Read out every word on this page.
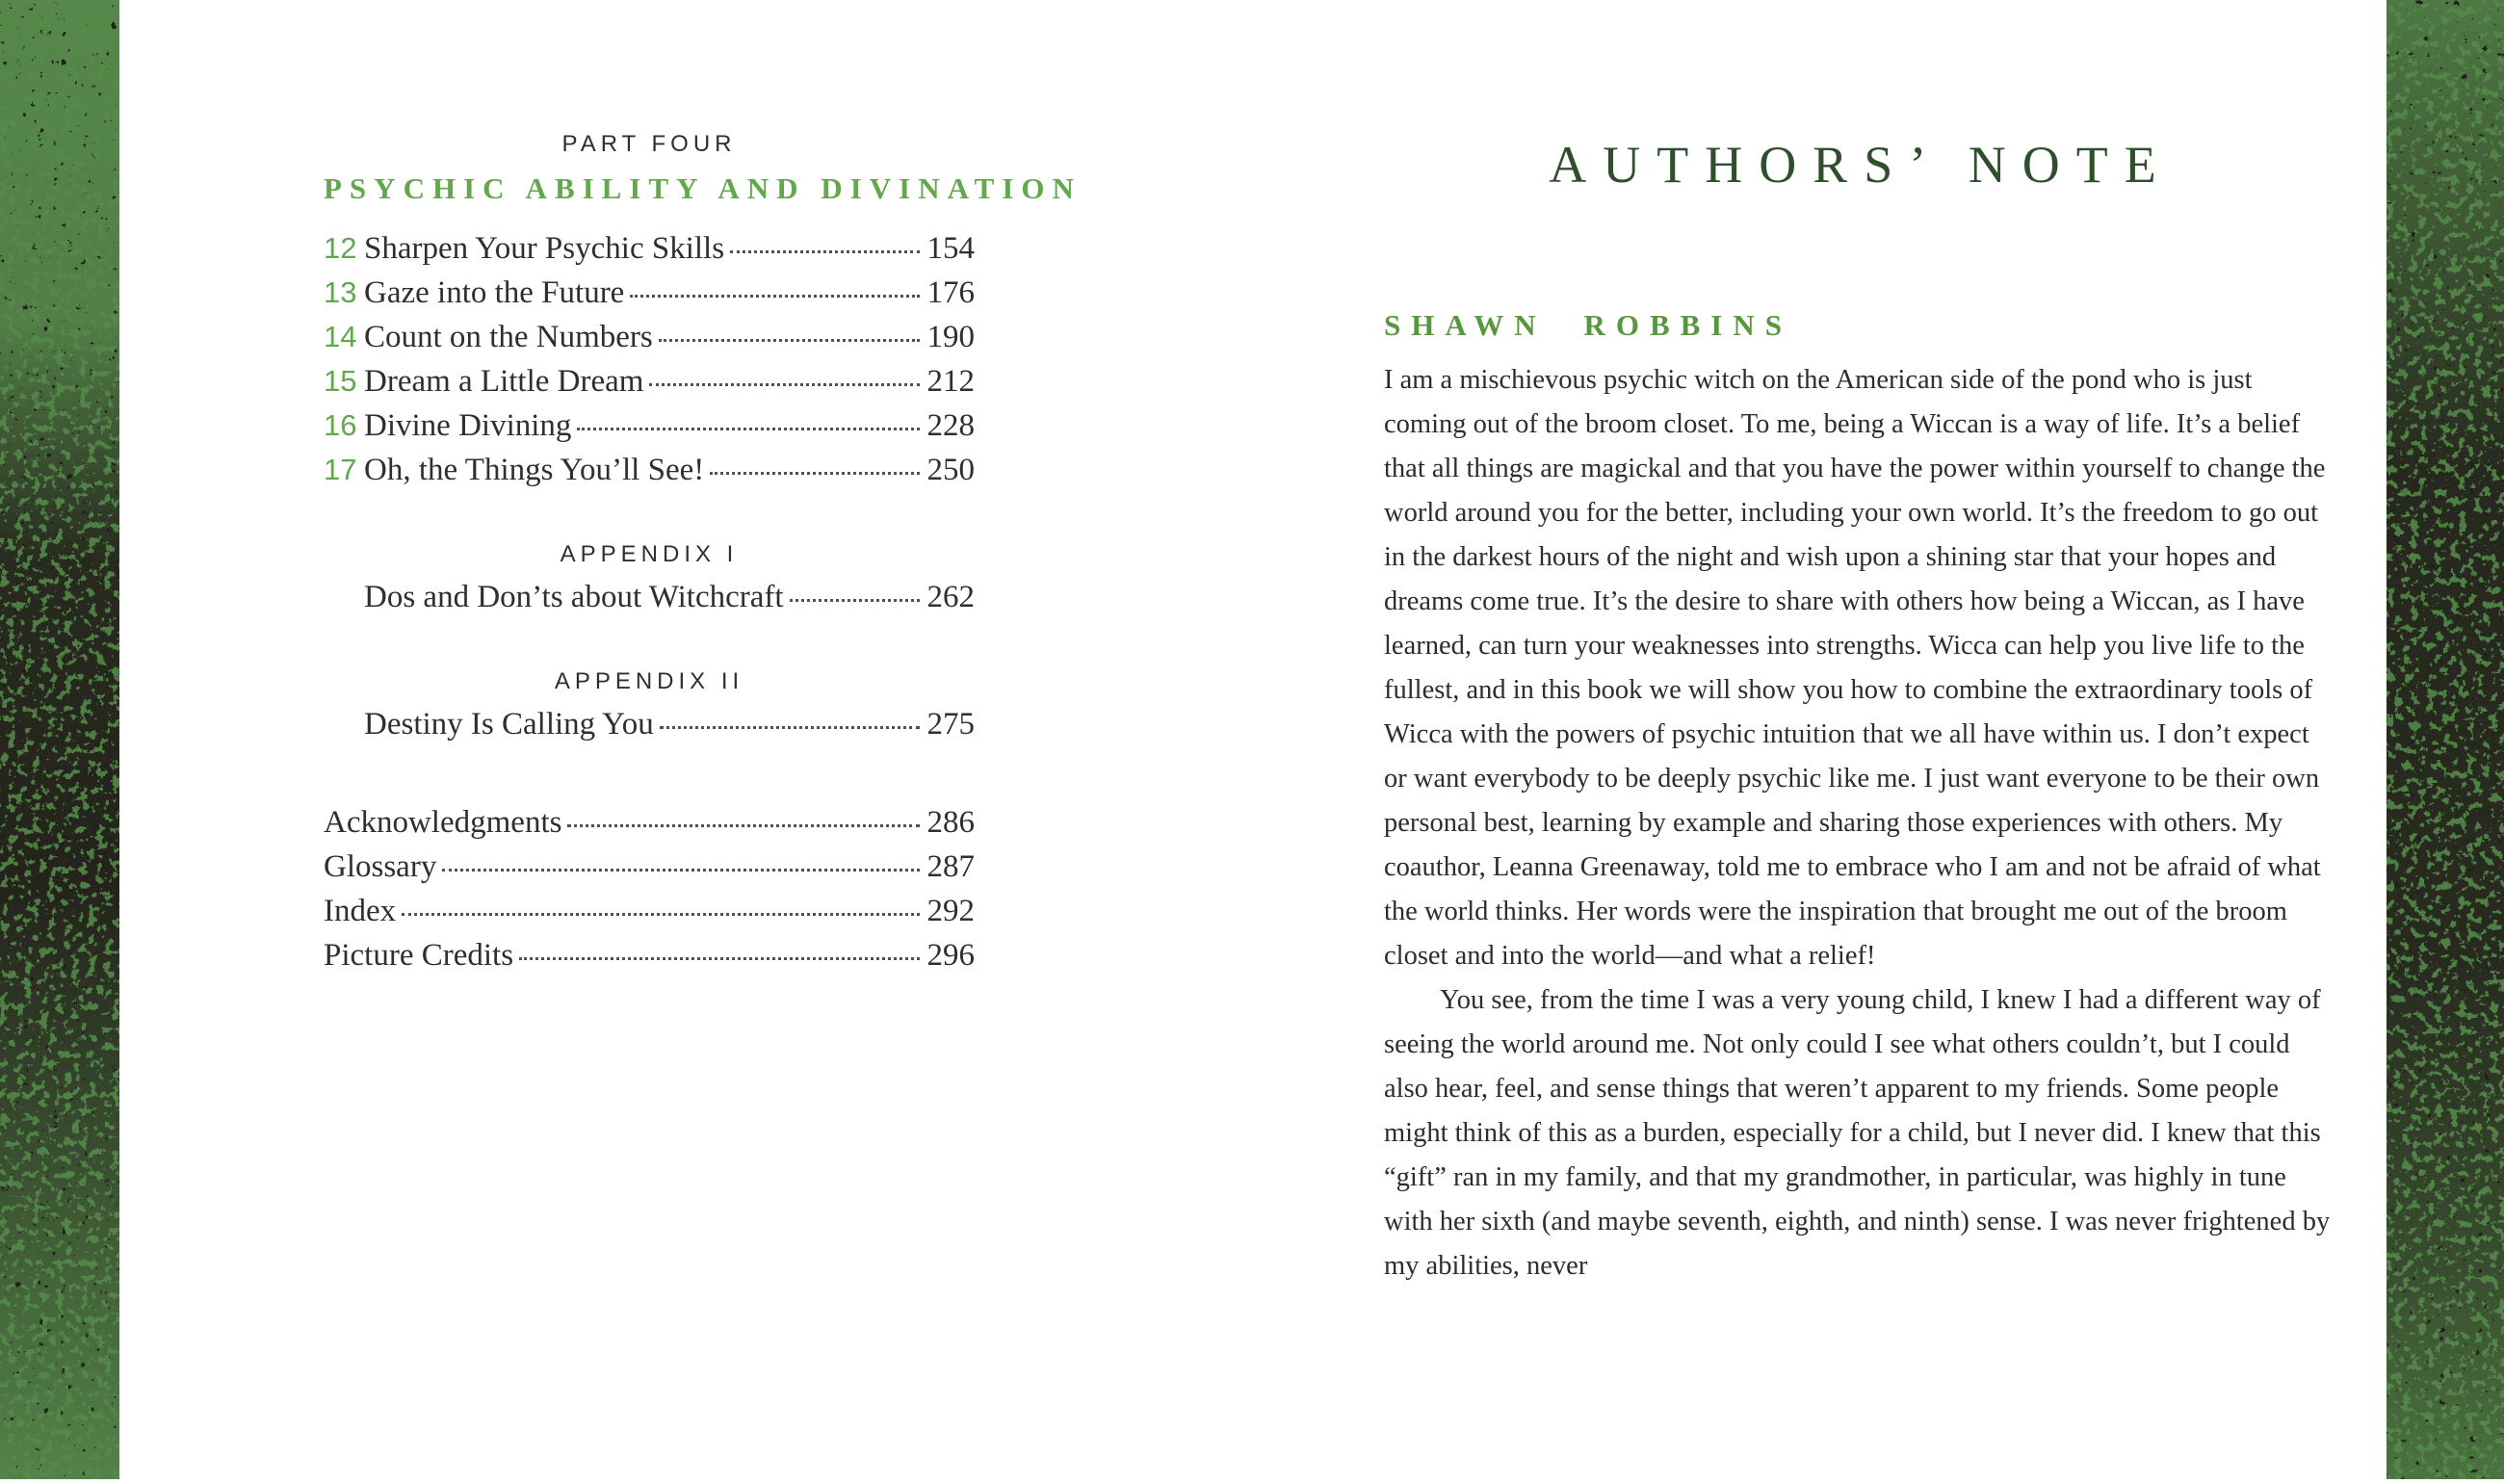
PART FOUR
PSYCHIC ABILITY AND DIVINATION
12 Sharpen Your Psychic Skills	154
13 Gaze into the Future	176
14 Count on the Numbers	190
15 Dream a Little Dream	212
16 Divine Divining	228
17 Oh, the Things You’ll See!	250
APPENDIX I
Dos and Don’ts about Witchcraft	262
APPENDIX II
Destiny Is Calling You	275
Acknowledgments	286
Glossary	287
Index	292
Picture Credits	296
AUTHORS’ NOTE
SHAWN ROBBINS

I am a mischievous psychic witch on the American side of the pond who is just coming out of the broom closet. To me, being a Wiccan is a way of life. It’s a belief that all things are magickal and that you have the power within yourself to change the world around you for the better, including your own world. It’s the freedom to go out in the darkest hours of the night and wish upon a shining star that your hopes and dreams come true. It’s the desire to share with others how being a Wiccan, as I have learned, can turn your weaknesses into strengths. Wicca can help you live life to the fullest, and in this book we will show you how to combine the extraordinary tools of Wicca with the powers of psychic intuition that we all have within us. I don’t expect or want everybody to be deeply psychic like me. I just want everyone to be their own personal best, learning by example and sharing those experiences with others. My coauthor, Leanna Greenaway, told me to embrace who I am and not be afraid of what the world thinks. Her words were the inspiration that brought me out of the broom closet and into the world—and what a relief!

You see, from the time I was a very young child, I knew I had a different way of seeing the world around me. Not only could I see what others couldn’t, but I could also hear, feel, and sense things that weren’t apparent to my friends. Some people might think of this as a burden, especially for a child, but I never did. I knew that this “gift” ran in my family, and that my grandmother, in particular, was highly in tune with her sixth (and maybe seventh, eighth, and ninth) sense. I was never frightened by my abilities, never
